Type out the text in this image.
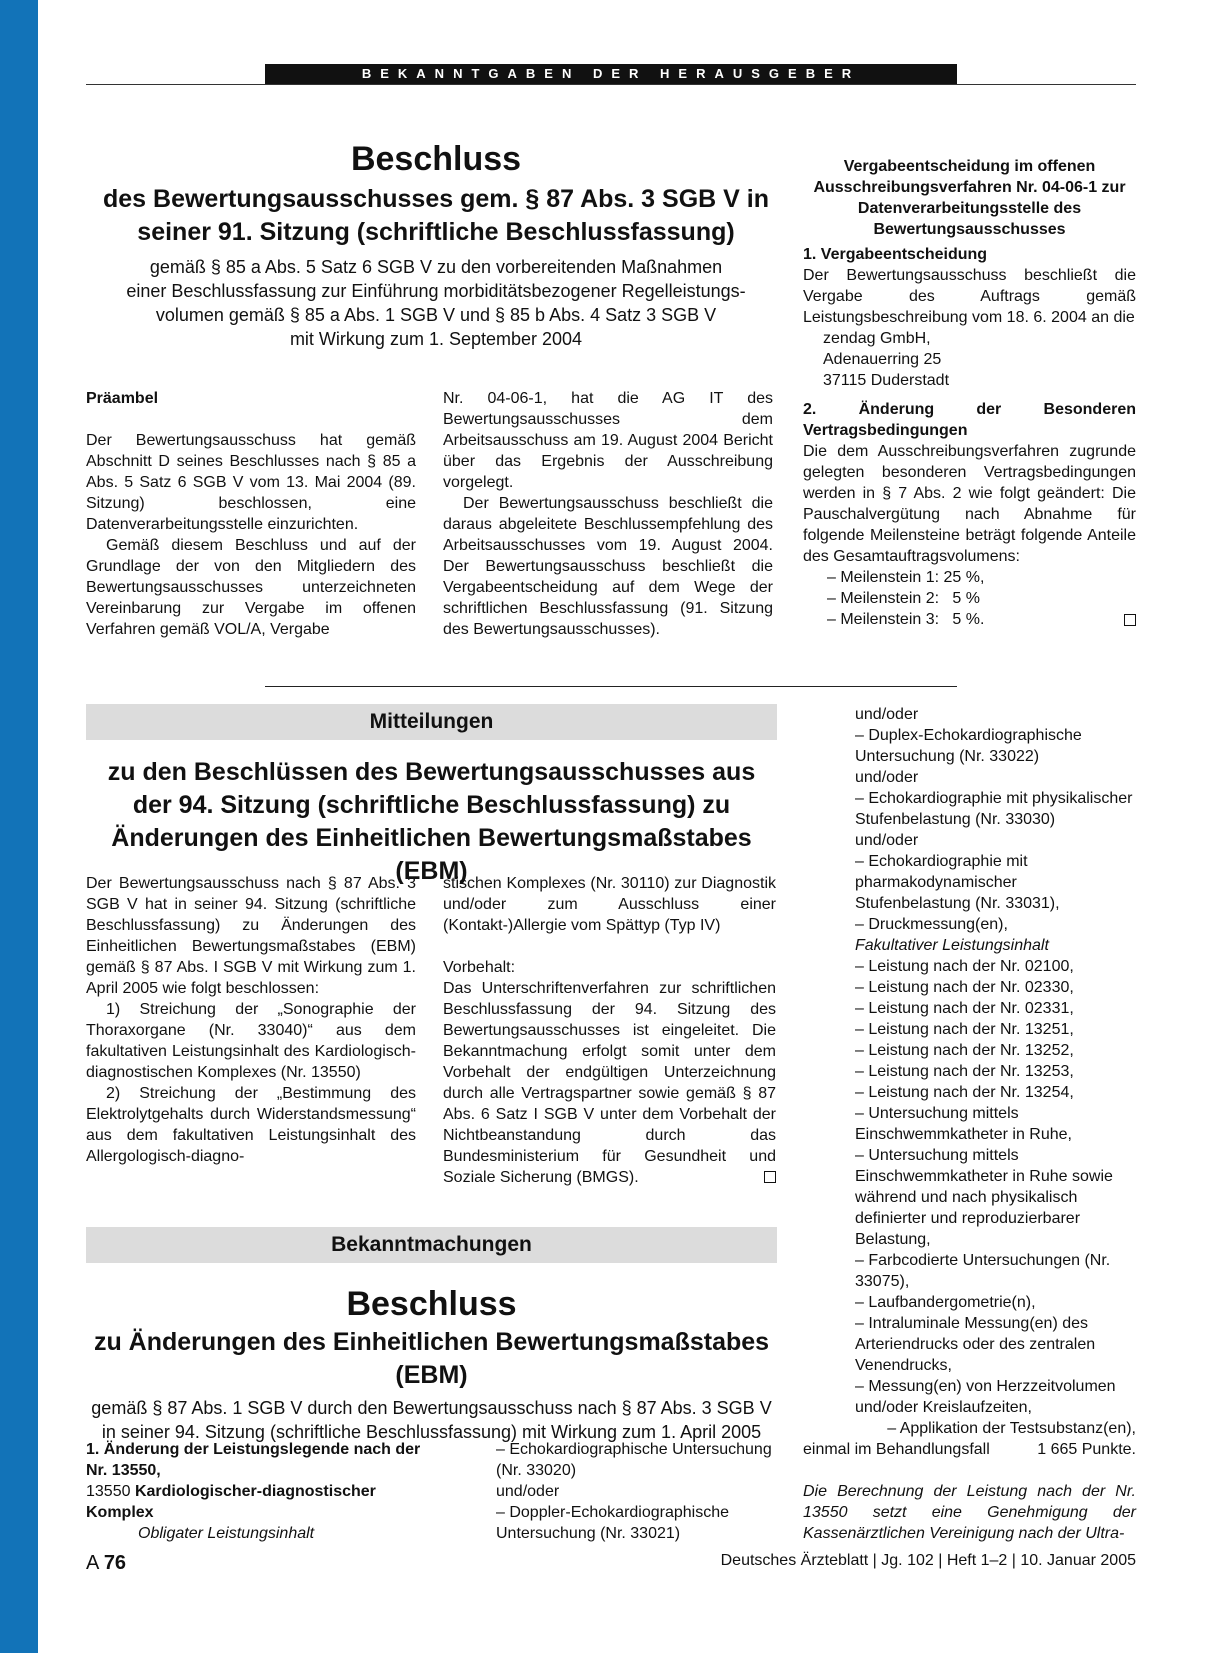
BEKANNTGABEN DER HERAUSGEBER
Beschluss
des Bewertungsausschusses gem. § 87 Abs. 3 SGB V in seiner 91. Sitzung (schriftliche Beschlussfassung)
gemäß § 85 a Abs. 5 Satz 6 SGB V zu den vorbereitenden Maßnahmen
einer Beschlussfassung zur Einführung morbiditätsbezogener Regelleistungs-
volumen gemäß § 85 a Abs. 1 SGB V und § 85 b Abs. 4 Satz 3 SGB V
mit Wirkung zum 1. September 2004

Präambel

Der Bewertungsausschuss hat gemäß Abschnitt D seines Beschlusses nach § 85 a Abs. 5 Satz 6 SGB V vom 13. Mai 2004 (89. Sitzung) beschlossen, eine Datenverarbeitungsstelle einzurichten.

Gemäß diesem Beschluss und auf der Grundlage der von den Mitgliedern des Bewertungsausschusses unterzeichneten Vereinbarung zur Vergabe im offenen Verfahren gemäß VOL/A, Vergabe

Nr. 04-06-1, hat die AG IT des Bewertungsausschusses dem Arbeitsausschuss am 19. August 2004 Bericht über das Ergebnis der Ausschreibung vorgelegt.

Der Bewertungsausschuss beschließt die daraus abgeleitete Beschlussempfehlung des Arbeitsausschusses vom 19. August 2004. Der Bewertungsausschuss beschließt die Vergabeentscheidung auf dem Wege der schriftlichen Beschlussfassung (91. Sitzung des Bewertungsausschusses).

Vergabeentscheidung im offenen Ausschreibungsverfahren Nr. 04-06-1 zur Datenverarbeitungsstelle des Bewertungsausschusses

1. Vergabeentscheidung

Der Bewertungsausschuss beschließt die Vergabe des Auftrags gemäß Leistungsbeschreibung vom 18. 6. 2004 an die

zendag GmbH,

Adenauerring 25

37115 Duderstadt

2. Änderung der Besonderen Vertragsbedingungen

Die dem Ausschreibungsverfahren zugrunde gelegten besonderen Vertragsbedingungen werden in § 7 Abs. 2 wie folgt geändert: Die Pauschalvergütung nach Abnahme für folgende Meilensteine beträgt folgende Anteile des Gesamtauftragsvolumens:

– Meilenstein 1: 25 %,

– Meilenstein 2:   5 %

– Meilenstein 3:   5 %.

Mitteilungen
zu den Beschlüssen des Bewertungsausschusses aus der 94. Sitzung (schriftliche Beschlussfassung) zu Änderungen des Einheitlichen Bewertungsmaßstabes (EBM)

Der Bewertungsausschuss nach § 87 Abs. 3 SGB V hat in seiner 94. Sitzung (schriftliche Beschlussfassung) zu Änderungen des Einheitlichen Bewertungsmaßstabes (EBM) gemäß § 87 Abs. I SGB V mit Wirkung zum 1. April 2005 wie folgt beschlossen:

1) Streichung der „Sonographie der Thoraxorgane (Nr. 33040)“ aus dem fakultativen Leistungsinhalt des Kardiologisch-diagnostischen Komplexes (Nr. 13550)

2) Streichung der „Bestimmung des Elektrolytgehalts durch Widerstandsmessung“ aus dem fakultativen Leistungsinhalt des Allergologisch-diagno-

stischen Komplexes (Nr. 30110) zur Diagnostik und/oder zum Ausschluss einer (Kontakt-)Allergie vom Spättyp (Typ IV)

Vorbehalt:

Das Unterschriftenverfahren zur schriftlichen Beschlussfassung der 94. Sitzung des Bewertungsausschusses ist eingeleitet. Die Bekanntmachung erfolgt somit unter dem Vorbehalt der endgültigen Unterzeichnung durch alle Vertragspartner sowie gemäß § 87 Abs. 6 Satz I SGB V unter dem Vorbehalt der Nichtbeanstandung durch das Bundesministerium für Gesundheit und Soziale Sicherung (BMGS).

Bekanntmachungen
Beschluss
zu Änderungen des Einheitlichen Bewertungsmaßstabes (EBM)
gemäß § 87 Abs. 1 SGB V durch den Bewertungsausschuss nach § 87 Abs. 3 SGB V
in seiner 94. Sitzung (schriftliche Beschlussfassung) mit Wirkung zum 1. April 2005

1. Änderung der Leistungslegende nach der Nr. 13550,

13550 Kardiologischer-diagnostischer Komplex

Obligater Leistungsinhalt

– Echokardiographische Untersuchung (Nr. 33020)

und/oder

– Doppler-Echokardiographische Untersuchung (Nr. 33021)

und/oder

– Duplex-Echokardiographische Untersuchung (Nr. 33022)

und/oder

– Echokardiographie mit physikalischer Stufenbelastung (Nr. 33030)

und/oder

– Echokardiographie mit pharmakodynamischer Stufenbelastung (Nr. 33031),

– Druckmessung(en),

Fakultativer Leistungsinhalt

– Leistung nach der Nr. 02100,

– Leistung nach der Nr. 02330,

– Leistung nach der Nr. 02331,

– Leistung nach der Nr. 13251,

– Leistung nach der Nr. 13252,

– Leistung nach der Nr. 13253,

– Leistung nach der Nr. 13254,

– Untersuchung mittels Einschwemmkatheter in Ruhe,

– Untersuchung mittels Einschwemmkatheter in Ruhe sowie während und nach physikalisch definierter und reproduzierbarer Belastung,

– Farbcodierte Untersuchungen (Nr. 33075),

– Laufbandergometrie(n),

– Intraluminale Messung(en) des Arteriendrucks oder des zentralen Venendrucks,

– Messung(en) von Herzzeitvolumen und/oder Kreislaufzeiten,

– Applikation der Testsubstanz(en),

einmal im Behandlungsfall	1 665 Punkte.

Die Berechnung der Leistung nach der Nr. 13550 setzt eine Genehmigung der Kassenärztlichen Vereinigung nach der Ultra-

A 76	Deutsches Ärzteblatt | Jg. 102 | Heft 1–2 | 10. Januar 2005
